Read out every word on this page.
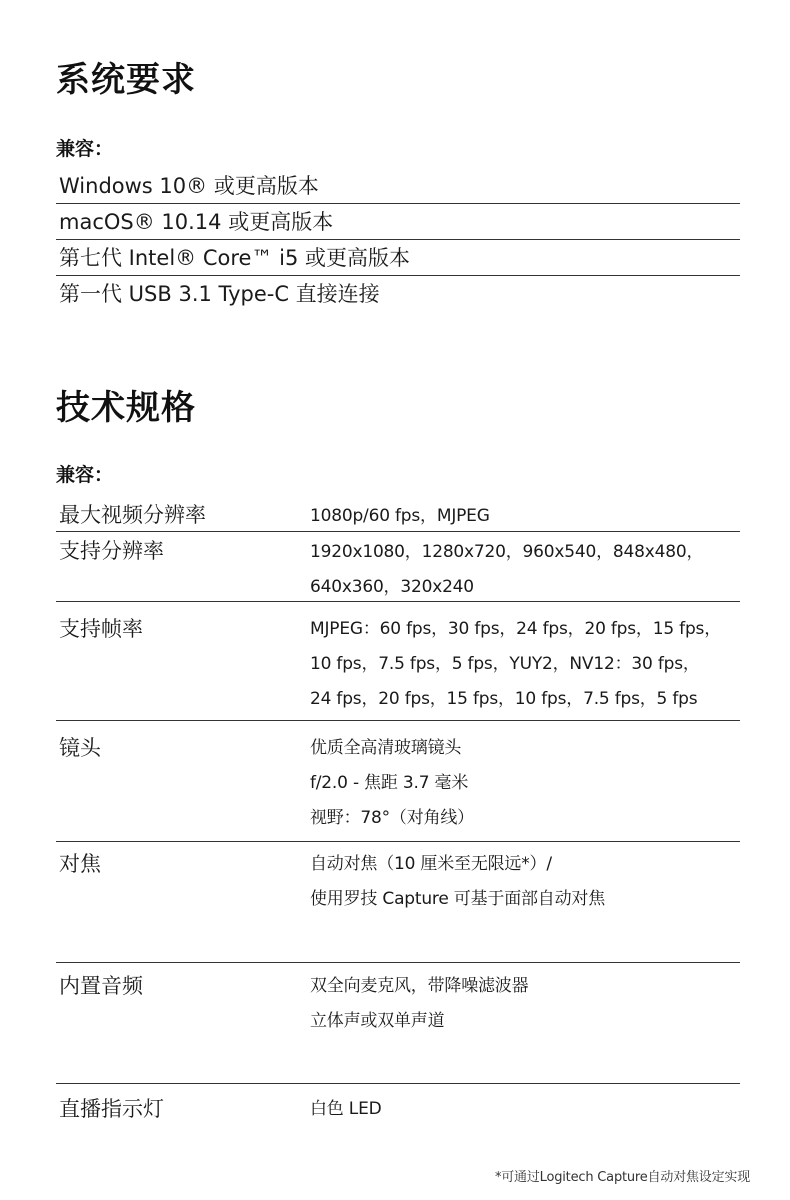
系统要求
兼容：
Windows 10® 或更高版本
macOS® 10.14 或更高版本
第七代 Intel® Core™ i5 或更高版本
第一代 USB 3.1 Type-C 直接连接
技术规格
兼容：
最大视频分辨率	1080p/60 fps，MJPEG
支持分辨率	1920x1080，1280x720，960x540，848x480，
640x360，320x240
支持帧率	MJPEG：60 fps，30 fps，24 fps，20 fps，15 fps，
10 fps，7.5 fps，5 fps，YUY2，NV12：30 fps，
24 fps，20 fps，15 fps，10 fps，7.5 fps，5 fps
镜头	优质全高清玻璃镜头
f/2.0 - 焦距 3.7 毫米
视野：78°（对角线）
对焦	自动对焦（10 厘米至无限远*）/
使用罗技 Capture 可基于面部自动对焦
内置音频	双全向麦克风，带降噪滤波器
立体声或双单声道
直播指示灯	白色 LED
*可通过Logitech Capture自动对焦设定实现
